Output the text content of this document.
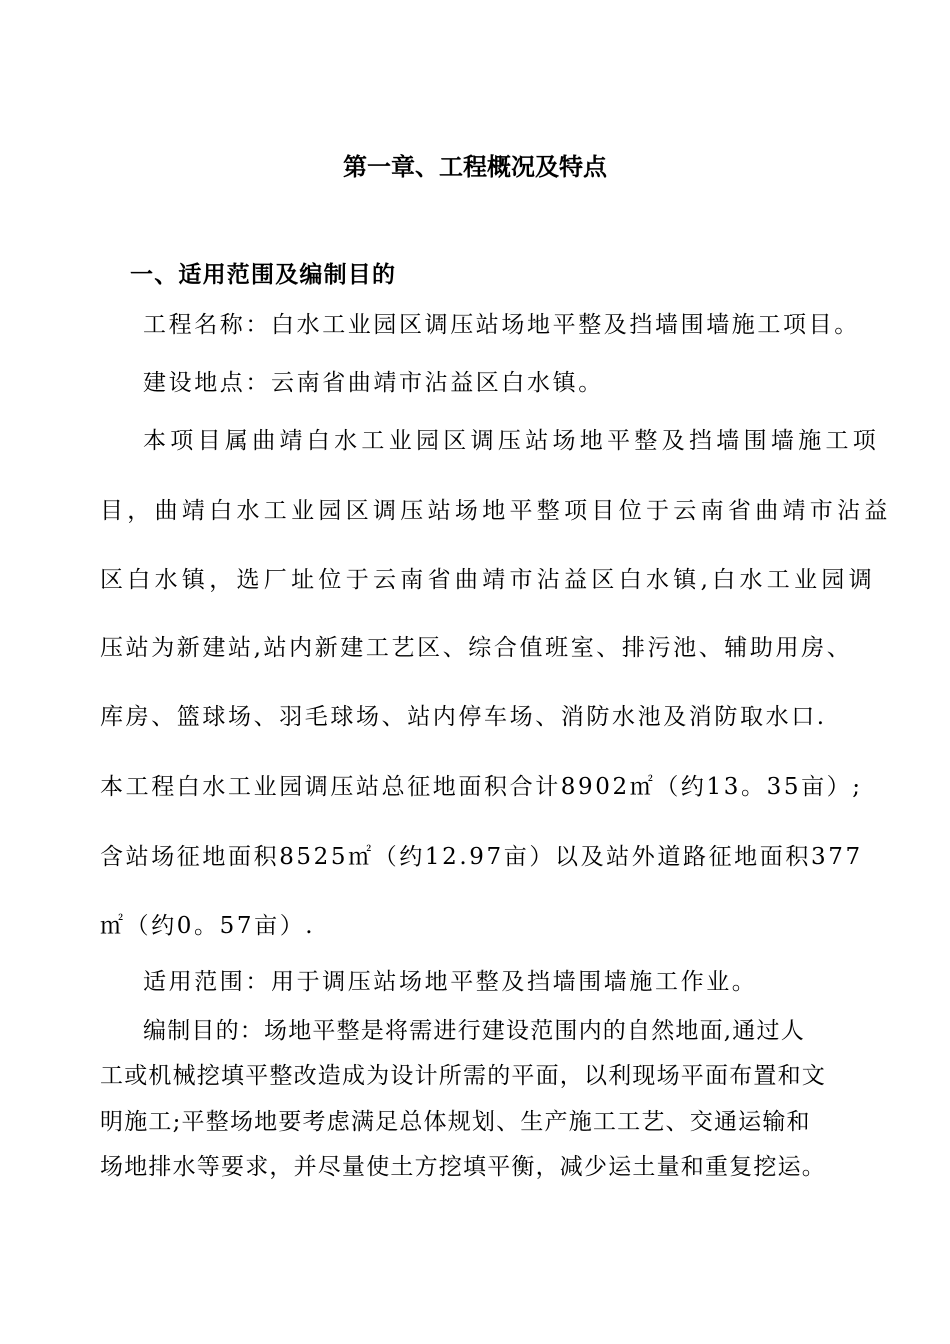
第一章、工程概况及特点
一、适用范围及编制目的
工程名称：白水工业园区调压站场地平整及挡墙围墙施工项目。
建设地点：云南省曲靖市沾益区白水镇。
本项目属曲靖白水工业园区调压站场地平整及挡墙围墙施工项
目，曲靖白水工业园区调压站场地平整项目位于云南省曲靖市沾益
区白水镇，选厂址位于云南省曲靖市沾益区白水镇,白水工业园调
压站为新建站,站内新建工艺区、综合值班室、排污池、辅助用房、
库房、篮球场、羽毛球场、站内停车场、消防水池及消防取水口.
本工程白水工业园调压站总征地面积合计8902㎡（约13。35亩）;
含站场征地面积8525㎡（约12.97亩）以及站外道路征地面积377
㎡（约0。57亩）.
适用范围：用于调压站场地平整及挡墙围墙施工作业。
编制目的：场地平整是将需进行建设范围内的自然地面,通过人
工或机械挖填平整改造成为设计所需的平面，以利现场平面布置和文
明施工;平整场地要考虑满足总体规划、生产施工工艺、交通运输和
场地排水等要求，并尽量使土方挖填平衡，减少运土量和重复挖运。
